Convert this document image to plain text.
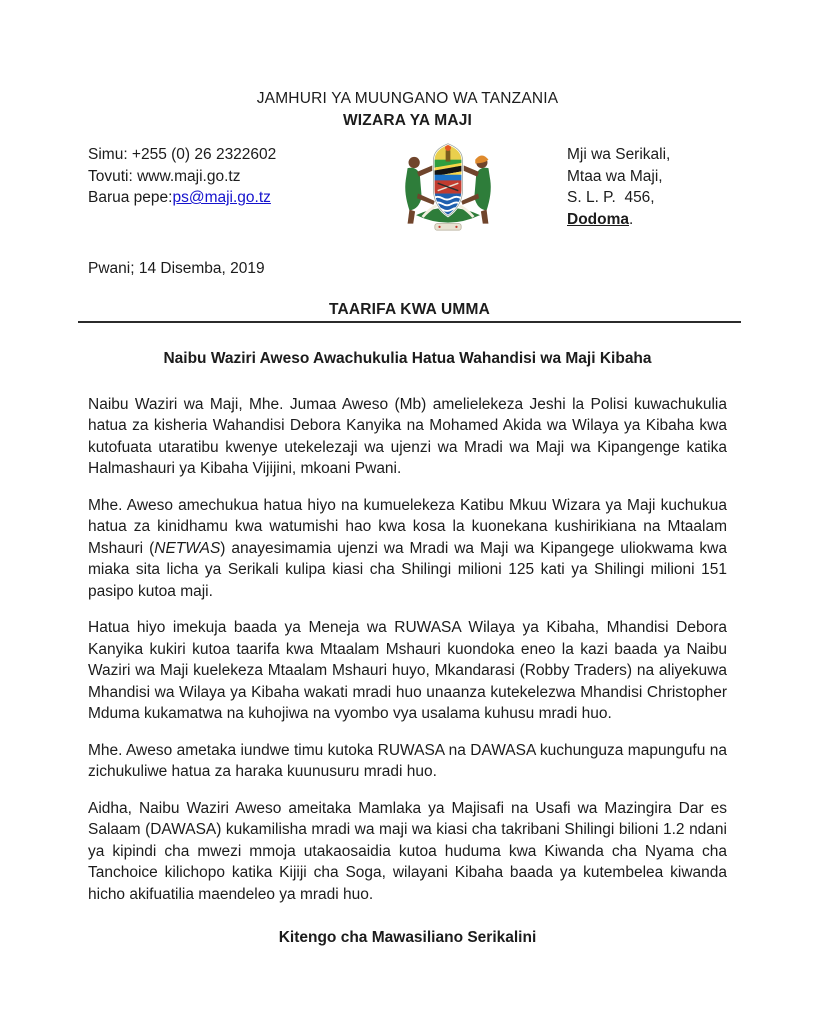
JAMHURI YA MUUNGANO WA TANZANIA
WIZARA YA MAJI
Simu: +255 (0) 26 2322602
Tovuti: www.maji.go.tz
Barua pepe:ps@maji.go.tz
Mji wa Serikali,
Mtaa wa Maji,
S. L. P.  456,
Dodoma.
Pwani; 14 Disemba, 2019
TAARIFA KWA UMMA
Naibu Waziri Aweso Awachukulia Hatua Wahandisi wa Maji Kibaha

Naibu Waziri wa Maji, Mhe. Jumaa Aweso (Mb) amelielekeza Jeshi la Polisi kuwachukulia hatua za kisheria Wahandisi Debora Kanyika na Mohamed Akida wa Wilaya ya Kibaha kwa kutofuata utaratibu kwenye utekelezaji wa ujenzi wa Mradi wa Maji wa Kipangenge katika Halmashauri ya Kibaha Vijijini, mkoani Pwani.

Mhe. Aweso amechukua hatua hiyo na kumuelekeza Katibu Mkuu Wizara ya Maji kuchukua hatua za kinidhamu kwa watumishi hao kwa kosa la kuonekana kushirikiana na Mtaalam Mshauri (NETWAS) anayesimamia ujenzi wa Mradi wa Maji wa Kipangege uliokwama kwa miaka sita licha ya Serikali kulipa kiasi cha Shilingi milioni 125 kati ya Shilingi milioni 151 pasipo kutoa maji.

Hatua hiyo imekuja baada ya Meneja wa RUWASA Wilaya ya Kibaha, Mhandisi Debora Kanyika kukiri kutoa taarifa kwa Mtaalam Mshauri kuondoka eneo la kazi baada ya Naibu Waziri wa Maji kuelekeza Mtaalam Mshauri huyo, Mkandarasi (Robby Traders) na aliyekuwa Mhandisi wa Wilaya ya Kibaha wakati mradi huo unaanza kutekelezwa Mhandisi Christopher Mduma kukamatwa na kuhojiwa na vyombo vya usalama kuhusu mradi huo.

Mhe. Aweso ametaka iundwe timu kutoka RUWASA na DAWASA kuchunguza mapungufu na zichukuliwe hatua za haraka kuunusuru mradi huo.

Aidha, Naibu Waziri Aweso ameitaka Mamlaka ya Majisafi na Usafi wa Mazingira Dar es Salaam (DAWASA) kukamilisha mradi wa maji wa kiasi cha takribani Shilingi bilioni 1.2 ndani ya kipindi cha mwezi mmoja utakaosaidia kutoa huduma kwa Kiwanda cha Nyama cha Tanchoice kilichopo katika Kijiji cha Soga, wilayani Kibaha baada ya kutembelea kiwanda hicho akifuatilia maendeleo ya mradi huo.

Kitengo cha Mawasiliano Serikalini
